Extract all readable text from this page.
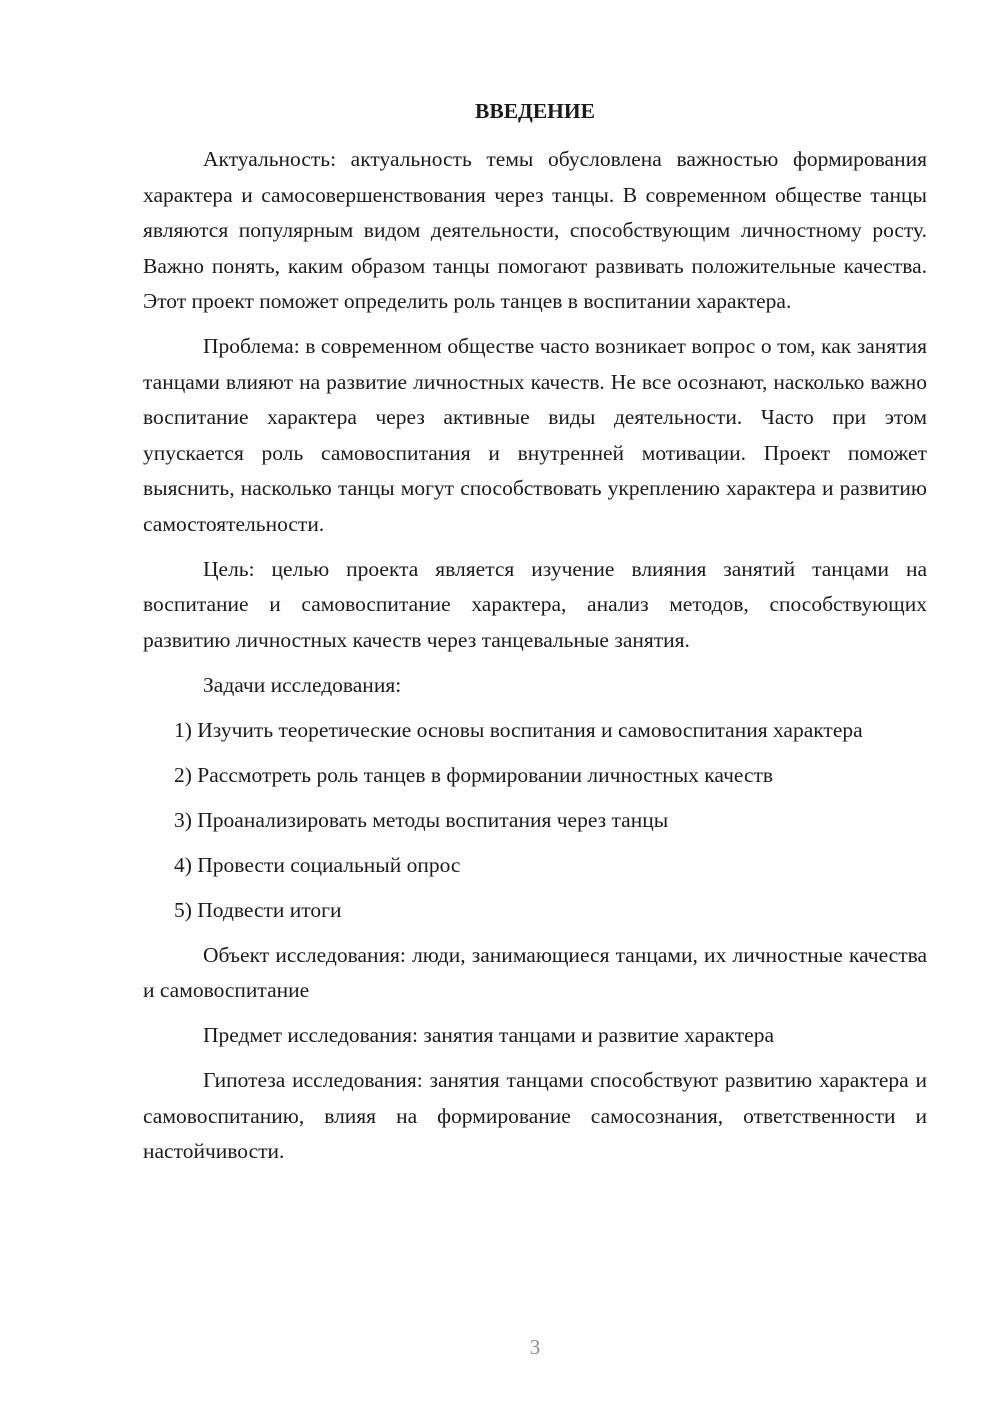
ВВЕДЕНИЕ

Актуальность: актуальность темы обусловлена важностью формирования характера и самосовершенствования через танцы. В современном обществе танцы являются популярным видом деятельности, способствующим личностному росту. Важно понять, каким образом танцы помогают развивать положительные качества. Этот проект поможет определить роль танцев в воспитании характера.

Проблема: в современном обществе часто возникает вопрос о том, как занятия танцами влияют на развитие личностных качеств. Не все осознают, насколько важно воспитание характера через активные виды деятельности. Часто при этом упускается роль самовоспитания и внутренней мотивации. Проект поможет выяснить, насколько танцы могут способствовать укреплению характера и развитию самостоятельности.

Цель: целью проекта является изучение влияния занятий танцами на воспитание и самовоспитание характера, анализ методов, способствующих развитию личностных качеств через танцевальные занятия.

Задачи исследования:

1) Изучить теоретические основы воспитания и самовоспитания характера

2) Рассмотреть роль танцев в формировании личностных качеств

3) Проанализировать методы воспитания через танцы

4) Провести социальный опрос

5) Подвести итоги

Объект исследования: люди, занимающиеся танцами, их личностные качества и самовоспитание

Предмет исследования: занятия танцами и развитие характера

Гипотеза исследования: занятия танцами способствуют развитию характера и самовоспитанию, влияя на формирование самосознания, ответственности и настойчивости.

3
